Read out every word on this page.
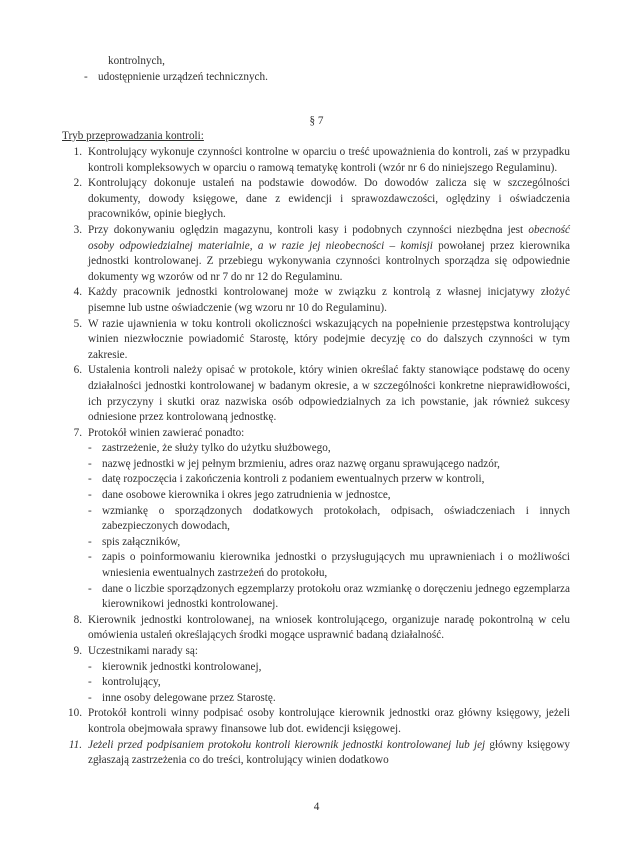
kontrolnych,
- udostępnienie urządzeń technicznych.
§ 7
Tryb przeprowadzania kontroli:
1. Kontrolujący wykonuje czynności kontrolne w oparciu o treść upoważnienia do kontroli, zaś w przypadku kontroli kompleksowych w oparciu o ramową tematykę kontroli (wzór nr 6 do niniejszego Regulaminu).
2. Kontrolujący dokonuje ustaleń na podstawie dowodów. Do dowodów zalicza się w szczególności dokumenty, dowody księgowe, dane z ewidencji i sprawozdawczości, oględziny i oświadczenia pracowników, opinie biegłych.
3. Przy dokonywaniu oględzin magazynu, kontroli kasy i podobnych czynności niezbędna jest obecność osoby odpowiedzialnej materialnie, a w razie jej nieobecności – komisji powołanej przez kierownika jednostki kontrolowanej. Z przebiegu wykonywania czynności kontrolnych sporządza się odpowiednie dokumenty wg wzorów od nr 7 do nr 12 do Regulaminu.
4. Każdy pracownik jednostki kontrolowanej może w związku z kontrolą z własnej inicjatywy złożyć pisemne lub ustne oświadczenie (wg wzoru nr 10 do Regulaminu).
5. W razie ujawnienia w toku kontroli okoliczności wskazujących na popełnienie przestępstwa kontrolujący winien niezwłocznie powiadomić Starostę, który podejmie decyzję co do dalszych czynności w tym zakresie.
6. Ustalenia kontroli należy opisać w protokole, który winien określać fakty stanowiące podstawę do oceny działalności jednostki kontrolowanej w badanym okresie, a w szczególności konkretne nieprawidłowości, ich przyczyny i skutki oraz nazwiska osób odpowiedzialnych za ich powstanie, jak również sukcesy odniesione przez kontrolowaną jednostkę.
7. Protokół winien zawierać ponadto:
- zastrzeżenie, że służy tylko do użytku służbowego,
- nazwę jednostki w jej pełnym brzmieniu, adres oraz nazwę organu sprawującego nadzór,
- datę rozpoczęcia i zakończenia kontroli z podaniem ewentualnych przerw w kontroli,
- dane osobowe kierownika i okres jego zatrudnienia w jednostce,
- wzmiankę o sporządzonych dodatkowych protokołach, odpisach, oświadczeniach i innych zabezpieczonych dowodach,
- spis załączników,
- zapis o poinformowaniu kierownika jednostki o przysługujących mu uprawnieniach i o możliwości wniesienia ewentualnych zastrzeżeń do protokołu,
- dane o liczbie sporządzonych egzemplarzy protokołu oraz wzmiankę o doręczeniu jednego egzemplarza kierownikowi jednostki kontrolowanej.
8. Kierownik jednostki kontrolowanej, na wniosek kontrolującego, organizuje naradę pokontrolną w celu omówienia ustaleń określających środki mogące usprawnić badaną działalność.
9. Uczestnikami narady są:
- kierownik jednostki kontrolowanej,
- kontrolujący,
- inne osoby delegowane przez Starostę.
10. Protokół kontroli winny podpisać osoby kontrolujące kierownik jednostki oraz główny księgowy, jeżeli kontrola obejmowała sprawy finansowe lub dot. ewidencji księgowej.
11. Jeżeli przed podpisaniem protokołu kontroli kierownik jednostki kontrolowanej lub jej główny księgowy zgłaszają zastrzeżenia co do treści, kontrolujący winien dodatkowo
4
